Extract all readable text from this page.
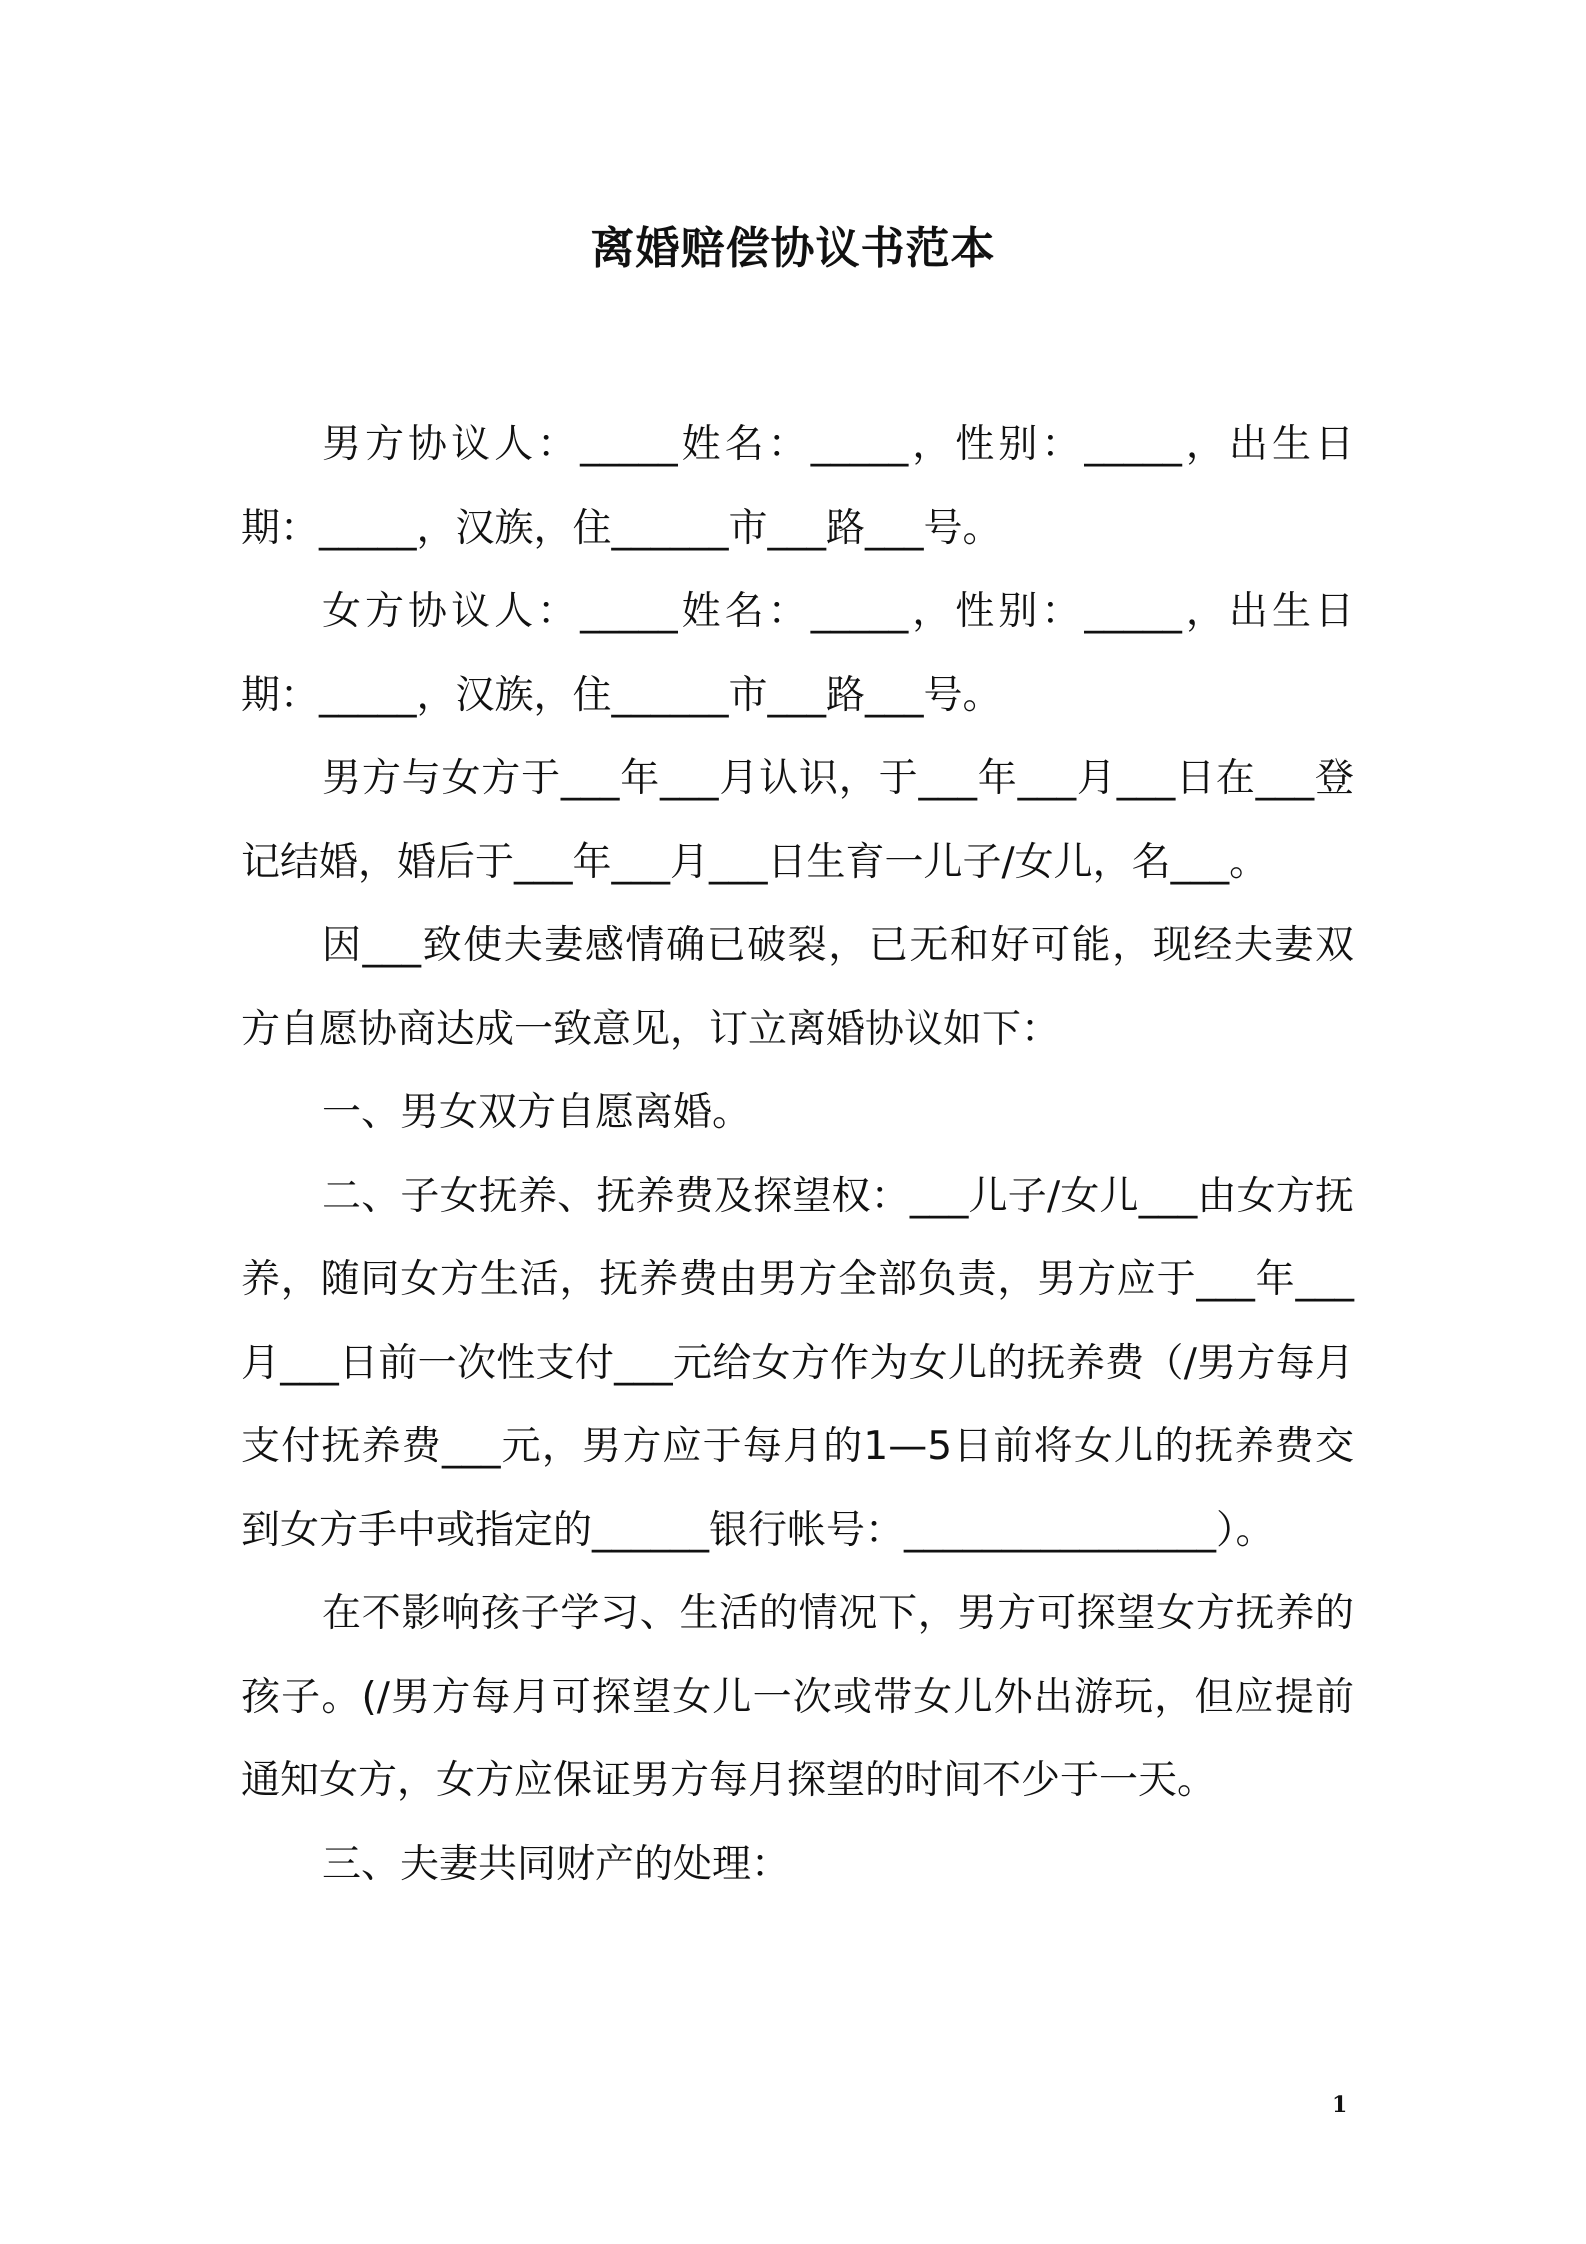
离婚赔偿协议书范本

男方协议人：_____姓名：_____，性别：_____，出生日期：_____，汉族，住______市___路___号。

女方协议人：_____姓名：_____，性别：_____，出生日期：_____，汉族，住______市___路___号。

男方与女方于___年___月认识，于___年___月___日在___登记结婚，婚后于___年___月___日生育一儿子/女儿，名___。

因___致使夫妻感情确已破裂，已无和好可能，现经夫妻双方自愿协商达成一致意见，订立离婚协议如下：

一、男女双方自愿离婚。

二、子女抚养、抚养费及探望权：___儿子/女儿___由女方抚养，随同女方生活，抚养费由男方全部负责，男方应于___年___月___日前一次性支付___元给女方作为女儿的抚养费（/男方每月支付抚养费___元，男方应于每月的1—5日前将女儿的抚养费交到女方手中或指定的______银行帐号：________________）。

在不影响孩子学习、生活的情况下，男方可探望女方抚养的孩子。(/男方每月可探望女儿一次或带女儿外出游玩，但应提前通知女方，女方应保证男方每月探望的时间不少于一天。

三、夫妻共同财产的处理：

1
